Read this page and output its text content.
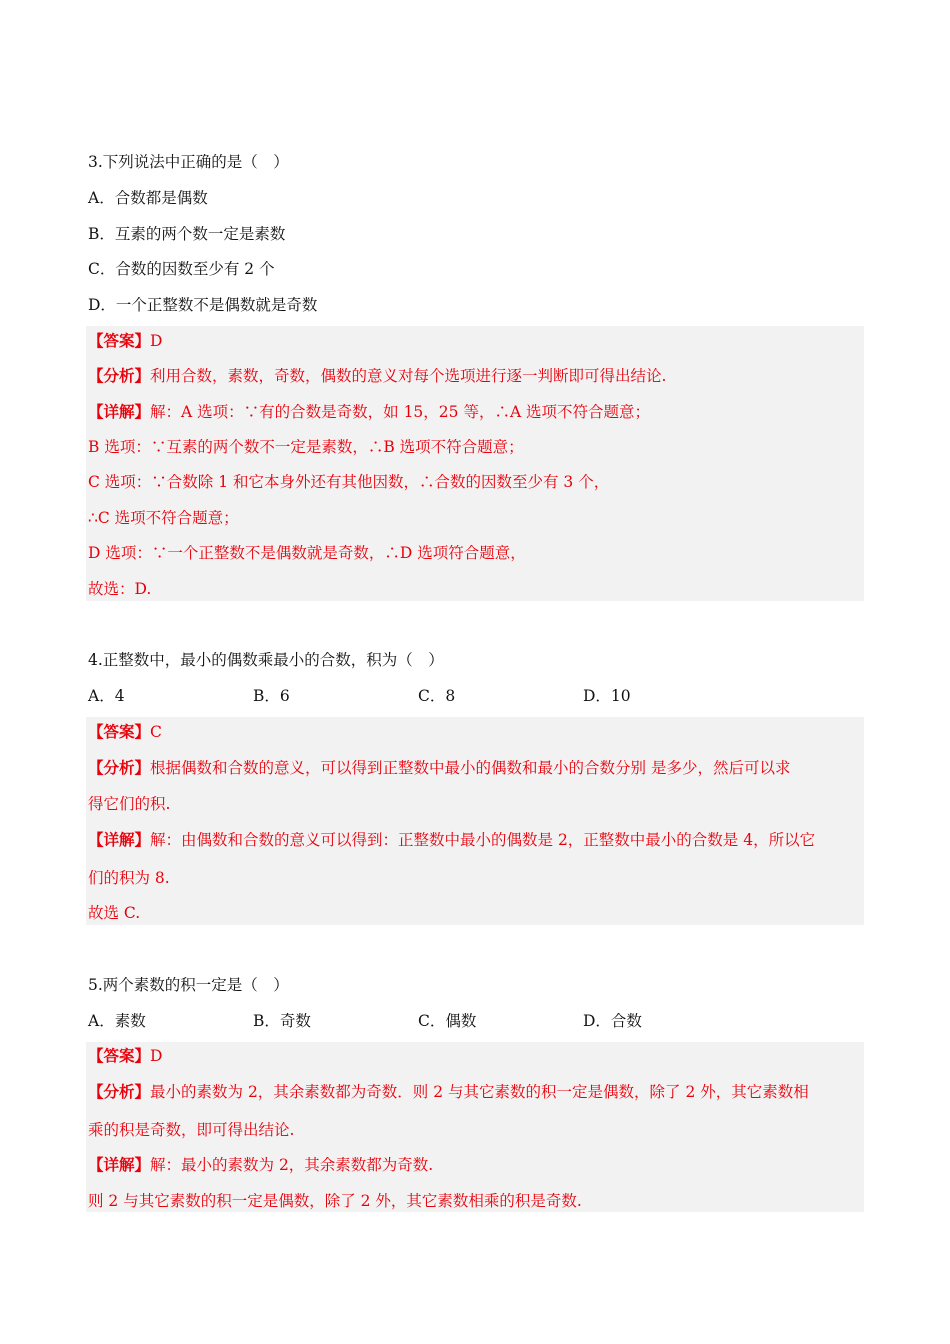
3.下列说法中正确的是（　）
A．合数都是偶数
B．互素的两个数一定是素数
C．合数的因数至少有 2 个
D．一个正整数不是偶数就是奇数
【答案】D
【分析】利用合数，素数，奇数，偶数的意义对每个选项进行逐一判断即可得出结论.
【详解】解：A 选项：∵有的合数是奇数，如 15，25 等，∴A 选项不符合题意；
B 选项：∵互素的两个数不一定是素数，∴B 选项不符合题意；
C 选项：∵合数除 1 和它本身外还有其他因数，∴合数的因数至少有 3 个，
∴C 选项不符合题意；
D 选项：∵一个正整数不是偶数就是奇数，∴D 选项符合题意，
故选：D.
4.正整数中，最小的偶数乘最小的合数，积为（　）
A．4	B．6	C．8	D．10
【答案】C
【分析】根据偶数和合数的意义，可以得到正整数中最小的偶数和最小的合数分别 是多少，然后可以求
得它们的积.
【详解】解：由偶数和合数的意义可以得到：正整数中最小的偶数是 2，正整数中最小的合数是 4，所以它
们的积为 8.
故选 C.
5.两个素数的积一定是（　）
A．素数	B．奇数	C．偶数	D．合数
【答案】D
【分析】最小的素数为 2，其余素数都为奇数．则 2 与其它素数的积一定是偶数，除了 2 外，其它素数相
乘的积是奇数，即可得出结论.
【详解】解：最小的素数为 2，其余素数都为奇数.
则 2 与其它素数的积一定是偶数，除了 2 外，其它素数相乘的积是奇数.
